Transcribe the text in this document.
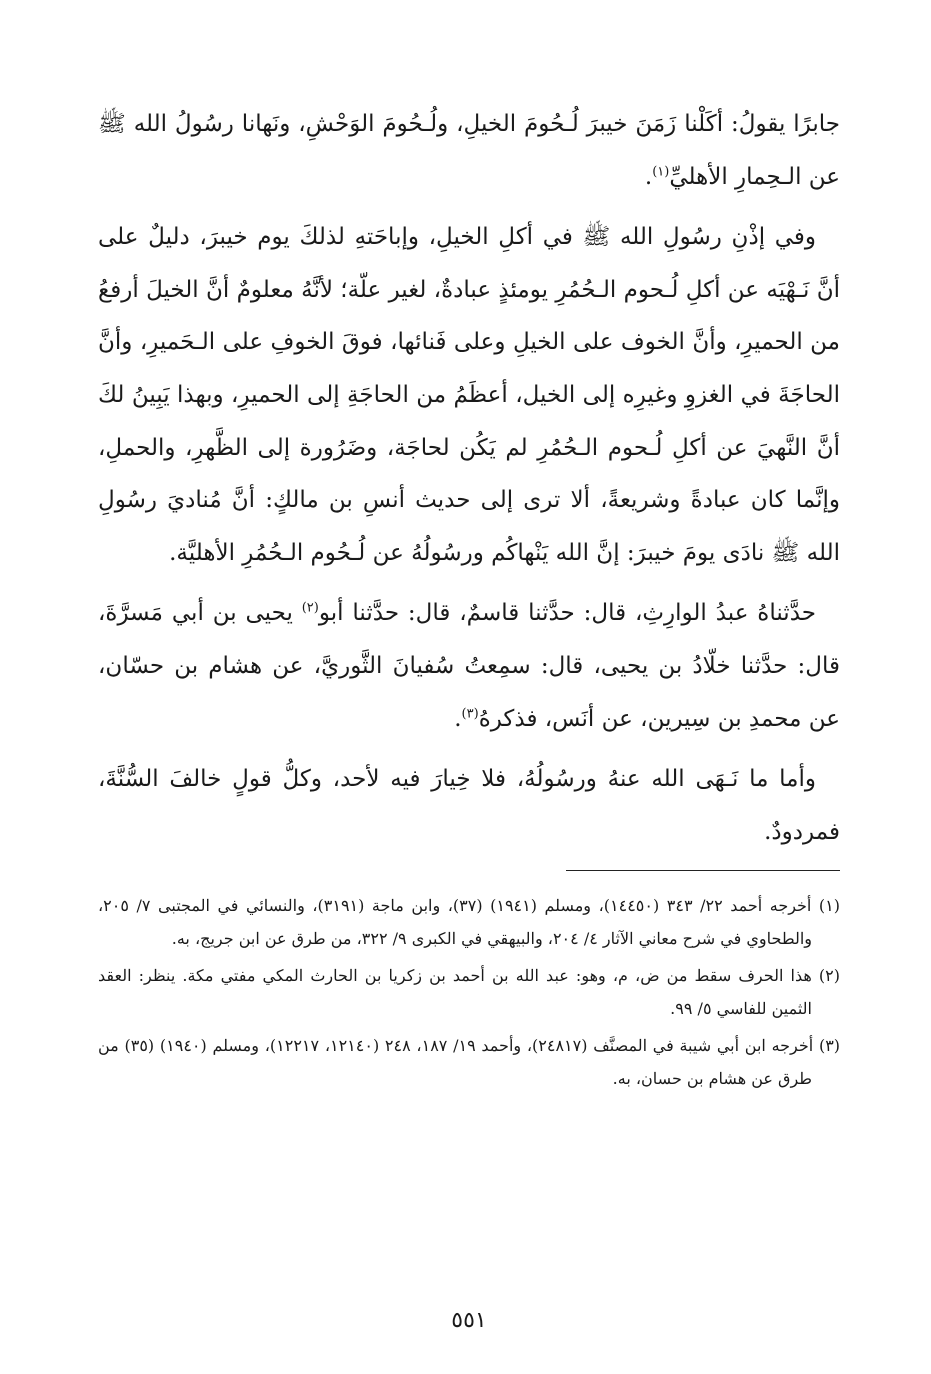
جابرًا يقولُ: أكَلْنا زَمَنَ خيبرَ لُـحُومَ الخيلِ، ولُـحُومَ الوَحْشِ، ونَهانا رسُولُ الله ﷺ عن الـحِمارِ الأهليِّ$^{(١)}$.

وفي إذْنِ رسُولِ الله ﷺ في أكلِ الخيلِ، وإباحَتهِ لذلكَ يوم خيبرَ، دليلٌ على أنَّ نَـهْيَه عن أكلِ لُـحوم الـحُمُرِ يومئذٍ عبادةٌ، لغير علّة؛ لأنَّهُ معلومٌ أنَّ الخيلَ أرفعُ من الحميرِ، وأنَّ الخوف على الخيلِ وعلى فَنائها، فوقَ الخوفِ على الـحَميرِ، وأنَّ الحاجَةَ في الغزوِ وغيرِه إلى الخيل، أعظَمُ من الحاجَةِ إلى الحميرِ، وبهذا يَبِينُ لكَ أنَّ النَّهيَ عن أكلِ لُـحوم الـحُمُرِ لم يَكُن لحاجَة، وضَرُورة إلى الظَّهرِ، والحملِ، وإنَّما كان عبادةً وشريعةً، ألا ترى إلى حديث أنسِ بن مالكٍ: أنَّ مُناديَ رسُولِ الله ﷺ نادَى يومَ خيبرَ: إنَّ الله يَنْهاكُم ورسُولُهُ عن لُـحُوم الـحُمُرِ الأهليَّة.

حدَّثناهُ عبدُ الوارِثِ، قال: حدَّثنا قاسمٌ، قال: حدَّثنا أبو$^{(٢)}$ يحيى بن أبي مَسرَّةَ، قال: حدَّثنا خلّادُ بن يحيى، قال: سمِعتُ سُفيانَ الثَّوريَّ، عن هشام بن حسّان، عن محمدِ بن سِيرين، عن أنَس، فذكرهُ$^{(٣)}$.

وأما ما نَـهَى الله عنهُ ورسُولُهُ، فلا خِيارَ فيه لأحد، وكلُّ قولٍ خالفَ السُّنَّةَ، فمردودٌ.

(١) أخرجه أحمد ٢٢/ ٣٤٣ (١٤٤٥٠)، ومسلم (١٩٤١) (٣٧)، وابن ماجة (٣١٩١)، والنسائي في المجتبى ٧/ ٢٠٥، والطحاوي في شرح معاني الآثار ٤/ ٢٠٤، والبيهقي في الكبرى ٩/ ٣٢٢، من طرق عن ابن جريج، به.

(٢) هذا الحرف سقط من ض، م، وهو: عبد الله بن أحمد بن زكريا بن الحارث المكي مفتي مكة. ينظر: العقد الثمين للفاسي ٥/ ٩٩.

(٣) أخرجه ابن أبي شيبة في المصنَّف (٢٤٨١٧)، وأحمد ١٩/ ١٨٧، ٢٤٨ (١٢١٤٠، ١٢٢١٧)، ومسلم (١٩٤٠) (٣٥) من طرق عن هشام بن حسان، به.

٥٥١
